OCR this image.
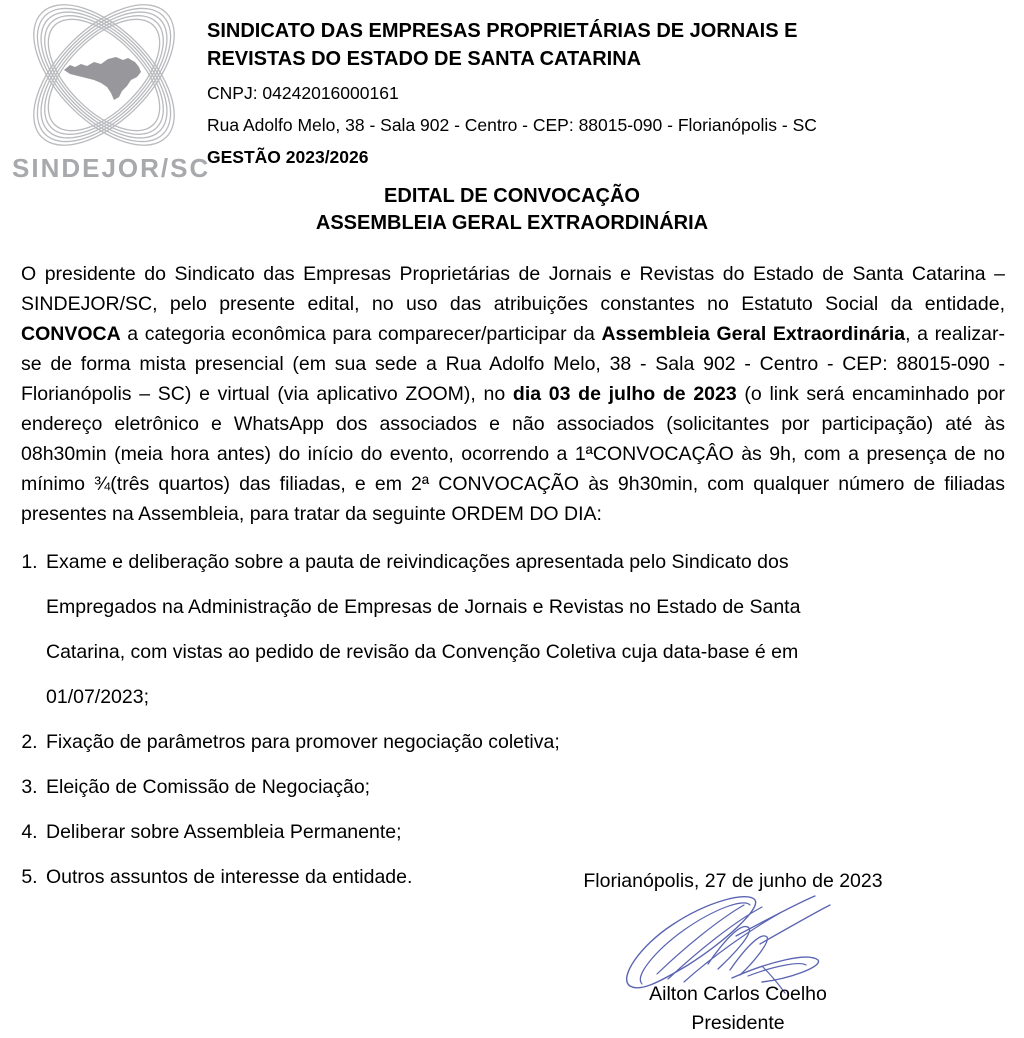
SINDEJOR/SC
SINDICATO DAS EMPRESAS PROPRIETÁRIAS DE JORNAIS E
REVISTAS DO ESTADO DE SANTA CATARINA
CNPJ: 04242016000161
Rua Adolfo Melo, 38 - Sala 902 - Centro - CEP: 88015-090 - Florianópolis - SC
GESTÃO 2023/2026
EDITAL DE CONVOCAÇÃO
ASSEMBLEIA GERAL EXTRAORDINÁRIA
O presidente do Sindicato das Empresas Proprietárias de Jornais e Revistas do Estado de Santa Catarina – SINDEJOR/SC, pelo presente edital, no uso das atribuições constantes no Estatuto Social da entidade, CONVOCA a categoria econômica para comparecer/participar da Assembleia Geral Extraordinária, a realizar-se de forma mista presencial (em sua sede a Rua Adolfo Melo, 38 - Sala 902 - Centro - CEP: 88015-090 - Florianópolis – SC) e virtual (via aplicativo ZOOM), no dia 03 de julho de 2023 (o link será encaminhado por endereço eletrônico e WhatsApp dos associados e não associados (solicitantes por participação) até às 08h30min (meia hora antes) do início do evento, ocorrendo a 1ªCONVOCAÇÂO às 9h, com a presença de no mínimo ¾(três quartos) das filiadas, e em 2ª CONVOCAÇÃO às 9h30min, com qualquer número de filiadas presentes na Assembleia, para tratar da seguinte ORDEM DO DIA:
1. Exame e deliberação sobre a pauta de reivindicações apresentada pelo Sindicato dos Empregados na Administração de Empresas de Jornais e Revistas no Estado de Santa Catarina, com vistas ao pedido de revisão da Convenção Coletiva cuja data-base é em 01/07/2023;
2. Fixação de parâmetros para promover negociação coletiva;
3. Eleição de Comissão de Negociação;
4. Deliberar sobre Assembleia Permanente;
5. Outros assuntos de interesse da entidade.	Florianópolis, 27 de junho de 2023
Ailton Carlos Coelho
Presidente
